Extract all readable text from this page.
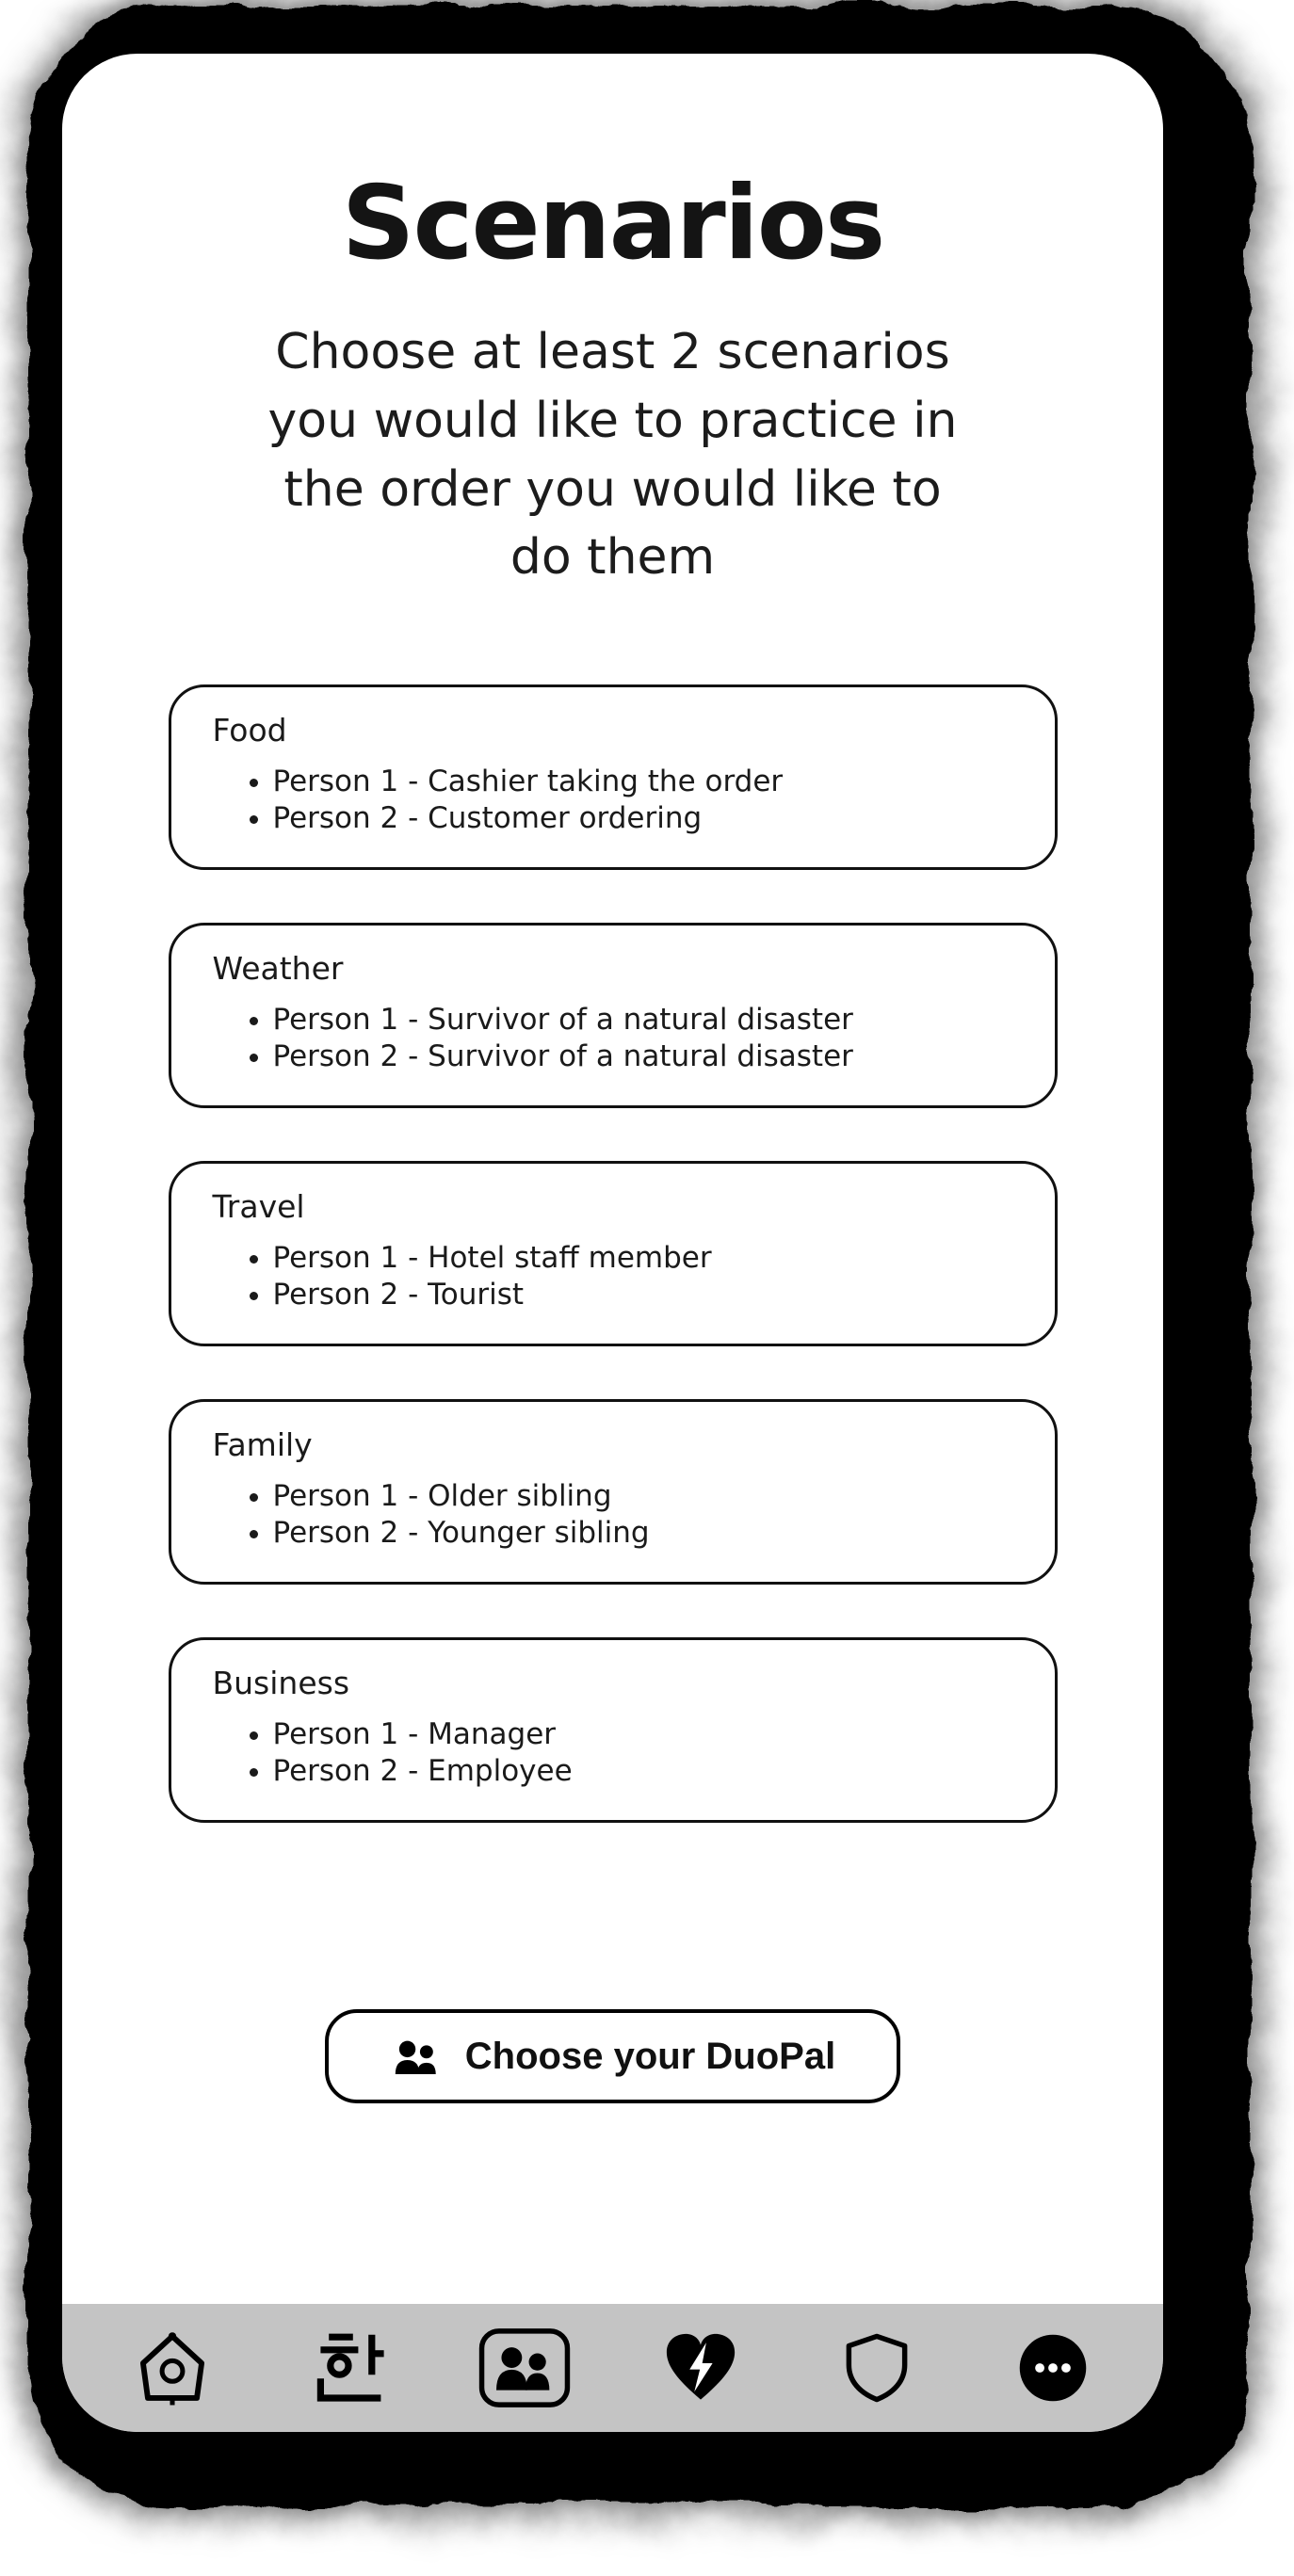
Scenarios
Choose at least 2 scenarios
you would like to practice in
the order you would like to
do them
Food
• Person 1 - Cashier taking the order
• Person 2 - Customer ordering
Weather
• Person 1 - Survivor of a natural disaster
• Person 2 - Survivor of a natural disaster
Travel
• Person 1 - Hotel staff member
• Person 2 - Tourist
Family
• Person 1 - Older sibling
• Person 2 - Younger sibling
Business
• Person 1 - Manager
• Person 2 - Employee
Choose your DuoPal
